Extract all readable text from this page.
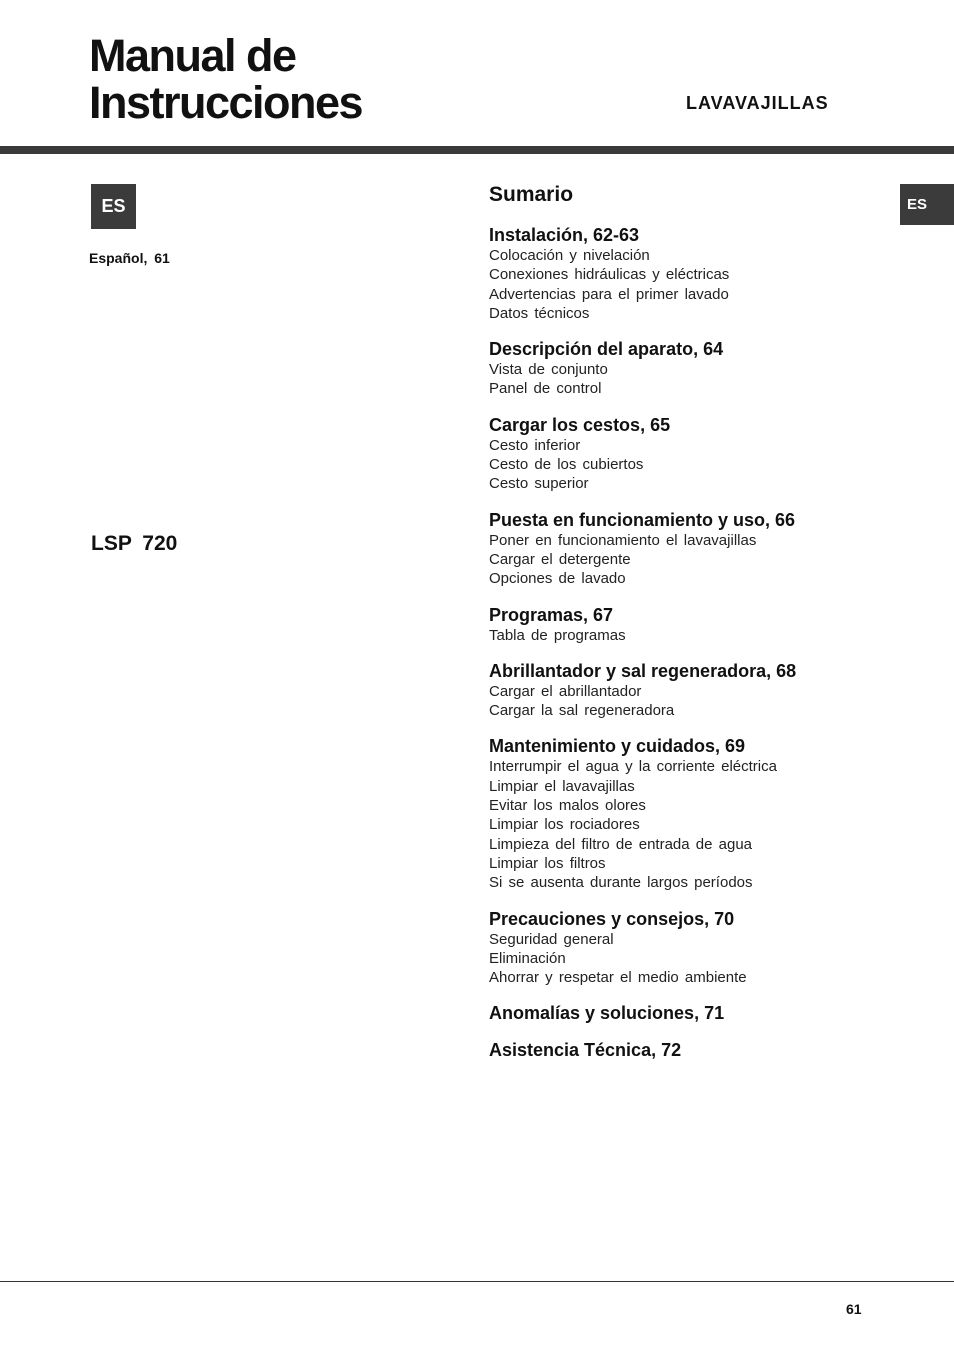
Manual de
Instrucciones	LAVAVAJILLAS
ES
Español, 61
LSP 720
ES
Sumario
Instalación, 62-63
Colocación y nivelación
Conexiones hidráulicas y eléctricas
Advertencias para el primer lavado
Datos técnicos
Descripción del aparato, 64
Vista de conjunto
Panel de control
Cargar los cestos, 65
Cesto inferior
Cesto de los cubiertos
Cesto superior
Puesta en funcionamiento y uso, 66
Poner en funcionamiento el lavavajillas
Cargar el detergente
Opciones de lavado
Programas, 67
Tabla de programas
Abrillantador y sal regeneradora, 68
Cargar el abrillantador
Cargar la sal regeneradora
Mantenimiento y cuidados, 69
Interrumpir el agua y la corriente eléctrica
Limpiar el lavavajillas
Evitar los malos olores
Limpiar los rociadores
Limpieza del filtro de entrada de agua
Limpiar los filtros
Si se ausenta durante largos períodos
Precauciones y consejos, 70
Seguridad general
Eliminación
Ahorrar y respetar el medio ambiente
Anomalías y soluciones, 71
Asistencia Técnica, 72
61
